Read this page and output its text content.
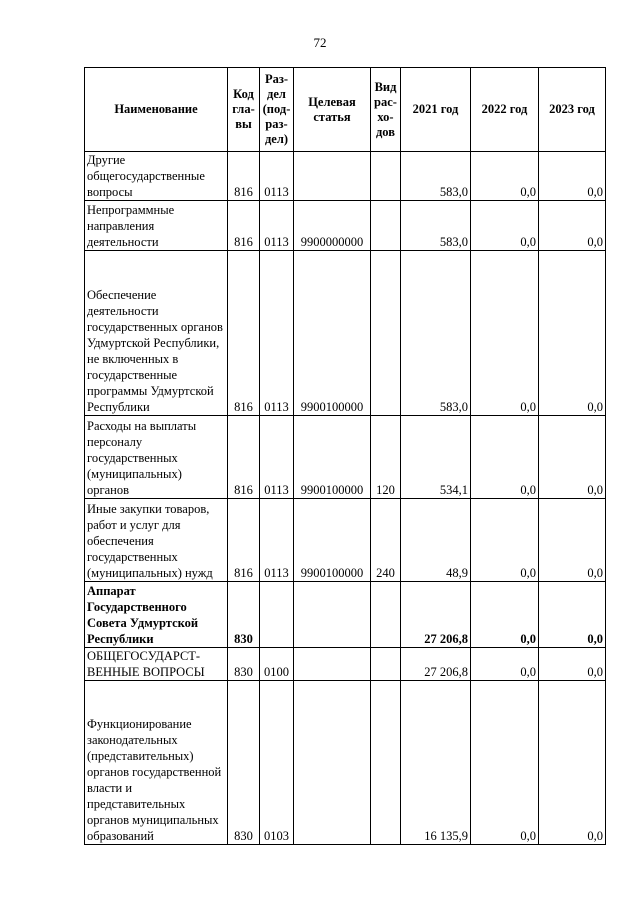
72
Наименование	Код гла- вы	Раз- дел (под- раз- дел)	Целевая статья	Вид рас- хо- дов	2021 год	2022 год	2023 год
Другие общегосударственные вопросы	816	0113			583,0	0,0	0,0
Непрограммные направления деятельности	816	0113	9900000000		583,0	0,0	0,0
Обеспечение деятельности государственных органов Удмуртской Республики, не включенных в государственные программы Удмуртской Республики	816	0113	9900100000		583,0	0,0	0,0
Расходы на выплаты персоналу государственных (муниципальных) органов	816	0113	9900100000	120	534,1	0,0	0,0
Иные закупки товаров, работ и услуг для обеспечения государственных (муниципальных) нужд	816	0113	9900100000	240	48,9	0,0	0,0
Аппарат Государственного Совета Удмуртской Республики	830				27 206,8	0,0	0,0
ОБЩЕГОСУДАРСТ-ВЕННЫЕ ВОПРОСЫ	830	0100			27 206,8	0,0	0,0
Функционирование законодательных (представительных) органов государственной власти и представительных органов муниципальных образований	830	0103			16 135,9	0,0	0,0
